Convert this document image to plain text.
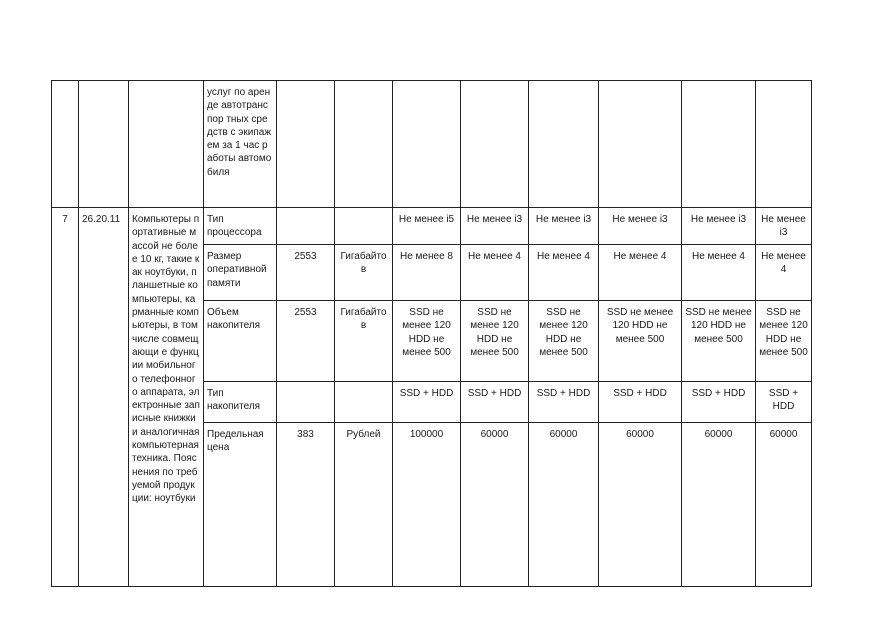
			услуг по аренде автотранспор тных средств с экипажем за 1 час работы автомобиля								
7	26.20.11	Компьютеры портативные массой не более 10 кг, такие как ноутбуки, планшетные компьютеры, карманные компьютеры, в том числе совмещающи е функции мобильного телефонного аппарата, электронные записные книжки и аналогичная компьютерная техника. Пояснения по требуемой продукции: ноутбуки	Тип процессора			Не менее i5	Не менее i3	Не менее i3	Не менее i3	Не менее i3	Не менее i3
			Размер оперативной памяти	2553	Гигабайто в	Не менее 8	Не менее 4	Не менее 4	Не менее 4	Не менее 4	Не менее 4
			Объем накопителя	2553	Гигабайто в	SSD не менее 120 HDD не менее 500	SSD не менее 120 HDD не менее 500	SSD не менее 120 HDD не менее 500	SSD не менее 120 HDD не менее 500	SSD не менее 120 HDD не менее 500	SSD не менее 120 HDD не менее 500
			Тип накопителя			SSD + HDD	SSD + HDD	SSD + HDD	SSD + HDD	SSD + HDD	SSD + HDD
			Предельная цена	383	Рублей	100000	60000	60000	60000	60000	60000
